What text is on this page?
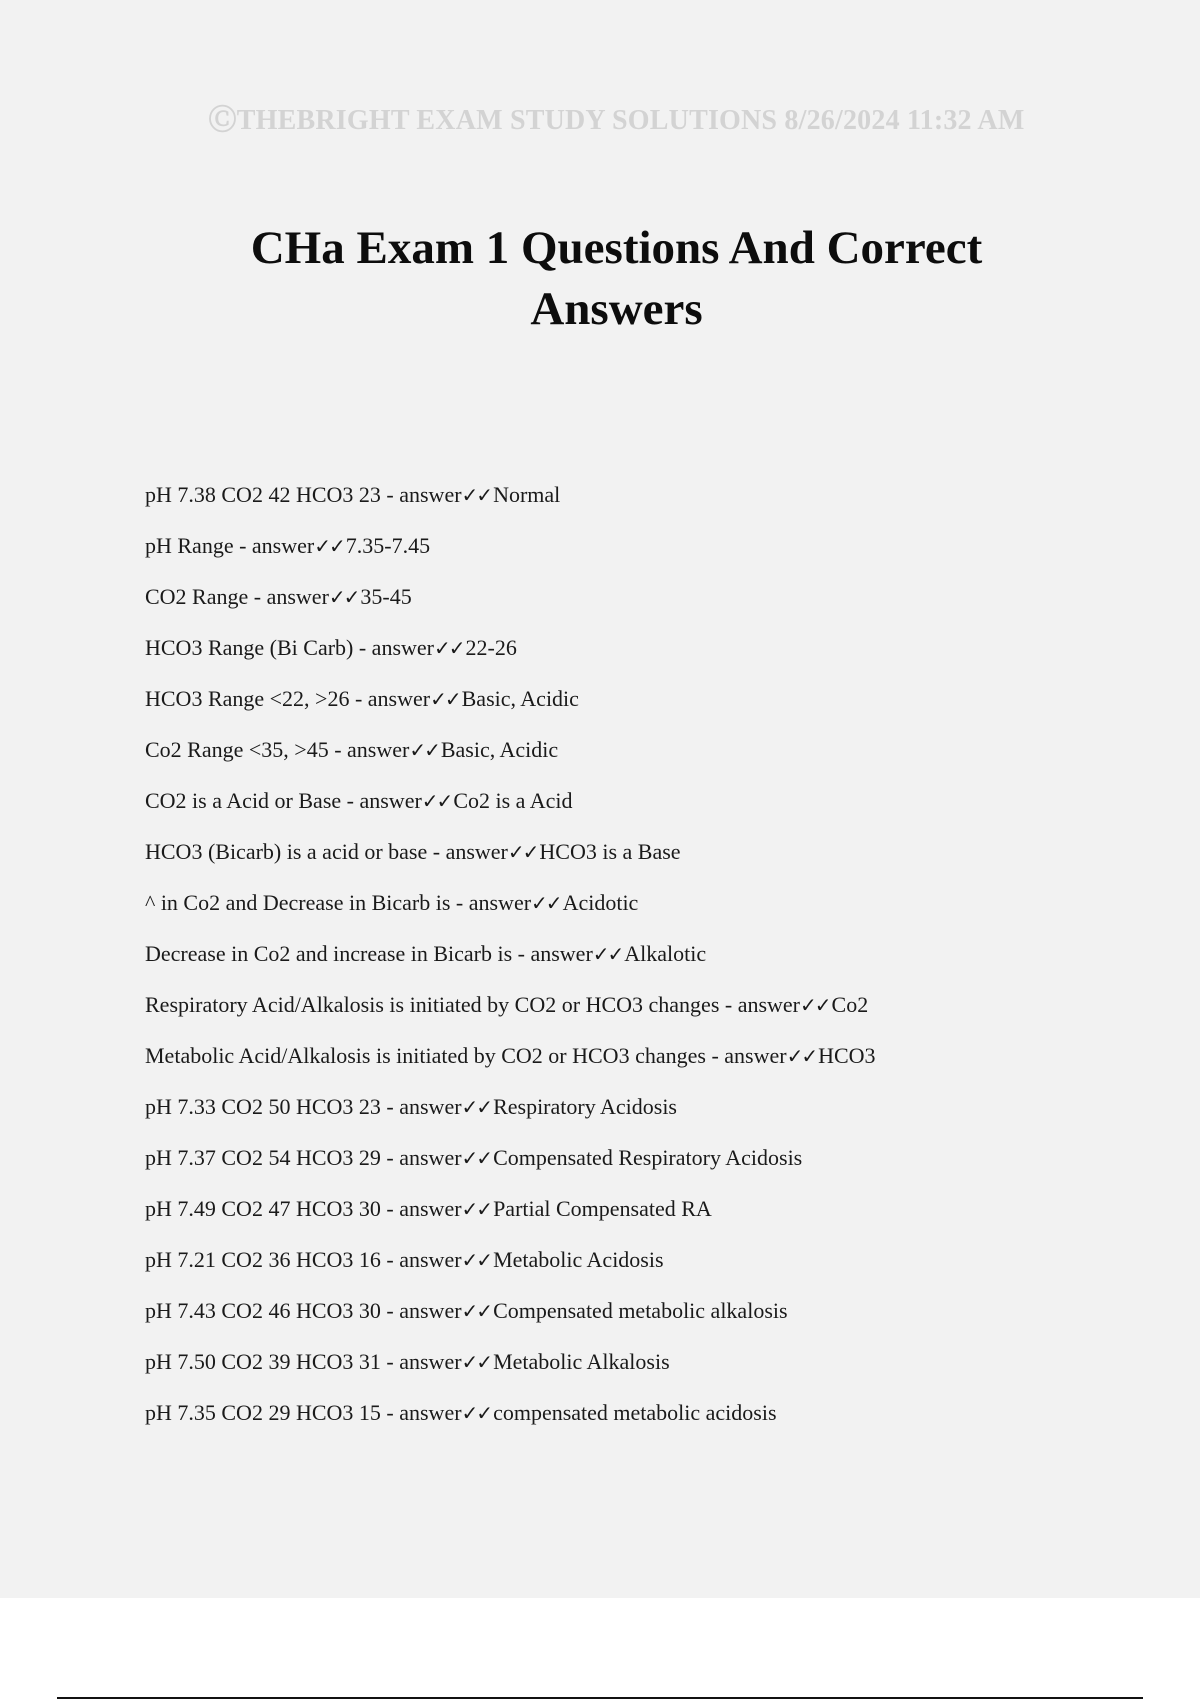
ⒸTHEBRIGHT EXAM STUDY SOLUTIONS 8/26/2024 11:32 AM
CHa Exam 1 Questions And Correct Answers
pH 7.38 CO2 42 HCO3 23 - answer✓✓Normal
pH Range - answer✓✓7.35-7.45
CO2 Range - answer✓✓35-45
HCO3 Range (Bi Carb) - answer✓✓22-26
HCO3 Range <22, >26 - answer✓✓Basic, Acidic
Co2 Range <35, >45 - answer✓✓Basic, Acidic
CO2 is a Acid or Base - answer✓✓Co2 is a Acid
HCO3 (Bicarb) is a acid or base - answer✓✓HCO3 is a Base
^ in Co2 and Decrease in Bicarb is - answer✓✓Acidotic
Decrease in Co2 and increase in Bicarb is - answer✓✓Alkalotic
Respiratory Acid/Alkalosis is initiated by CO2 or HCO3 changes - answer✓✓Co2
Metabolic Acid/Alkalosis is initiated by CO2 or HCO3 changes - answer✓✓HCO3
pH 7.33 CO2 50 HCO3 23 - answer✓✓Respiratory Acidosis
pH 7.37 CO2 54 HCO3 29 - answer✓✓Compensated Respiratory Acidosis
pH 7.49 CO2 47 HCO3 30 - answer✓✓Partial Compensated RA
pH 7.21 CO2 36 HCO3 16 - answer✓✓Metabolic Acidosis
pH 7.43 CO2 46 HCO3 30 - answer✓✓Compensated metabolic alkalosis
pH 7.50 CO2 39 HCO3 31 - answer✓✓Metabolic Alkalosis
pH 7.35 CO2 29 HCO3 15 - answer✓✓compensated metabolic acidosis
